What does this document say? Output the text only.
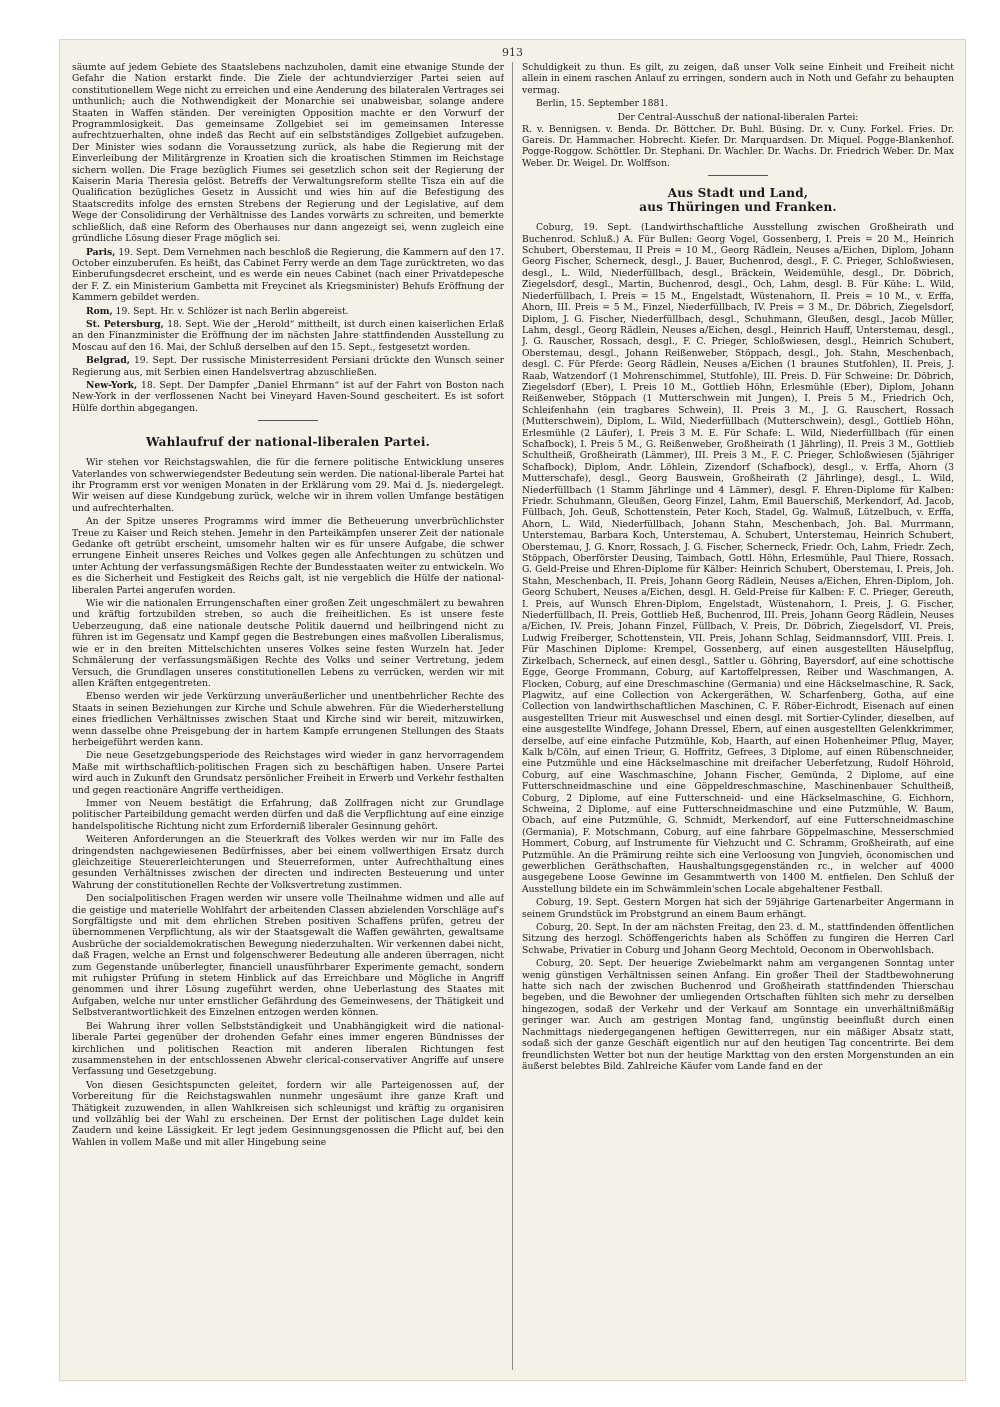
913

säumte auf jedem Gebiete des Staatslebens nachzuholen, damit eine etwanige Stunde der Gefahr die Nation erstarkt finde. Die Ziele der achtundvierziger Partei seien auf constitutionellem Wege nicht zu erreichen und eine Aenderung des bilateralen Vertrages sei unthunlich; auch die Nothwendigkeit der Monarchie sei unabweisbar, solange andere Staaten in Waffen ständen. Der vereinigten Opposition machte er den Vorwurf der Programmlosigkeit. Das gemeinsame Zollgebiet sei im gemeinsamen Interesse aufrechtzuerhalten, ohne indeß das Recht auf ein selbstständiges Zollgebiet aufzugeben. Der Minister wies sodann die Voraussetzung zurück, als habe die Regierung mit der Einverleibung der Militärgrenze in Kroatien sich die kroatischen Stimmen im Reichstage sichern wollen. Die Frage bezüglich Fiumes sei gesetzlich schon seit der Regierung der Kaiserin Maria Theresia gelöst. Betreffs der Verwaltungsreform stellte Tisza ein auf die Qualification bezügliches Gesetz in Aussicht und wies hin auf die Befestigung des Staatscredits infolge des ernsten Strebens der Regierung und der Legislative, auf dem Wege der Consolidirung der Verhältnisse des Landes vorwärts zu schreiten, und bemerkte schließlich, daß eine Reform des Oberhauses nur dann angezeigt sei, wenn zugleich eine gründliche Lösung dieser Frage möglich sei.

Paris, 19. Sept. Dem Vernehmen nach beschloß die Regierung, die Kammern auf den 17. October einzuberufen. Es heißt, das Cabinet Ferry werde an dem Tage zurücktreten, wo das Einberufungsdecret erscheint, und es werde ein neues Cabinet (nach einer Privatdepesche der F. Z. ein Ministerium Gambetta mit Freycinet als Kriegsminister) Behufs Eröffnung der Kammern gebildet werden.

Rom, 19. Sept. Hr. v. Schlözer ist nach Berlin abgereist.

St. Petersburg, 18. Sept. Wie der „Herold“ mittheilt, ist durch einen kaiserlichen Erlaß an den Finanzminister die Eröffnung der im nächsten Jahre stattfindenden Ausstellung zu Moscau auf den 16. Mai, der Schluß derselben auf den 15. Sept., festgesetzt worden.

Belgrad, 19. Sept. Der russische Ministerresident Persiani drückte den Wunsch seiner Regierung aus, mit Serbien einen Handelsvertrag abzuschließen.

New-York, 18. Sept. Der Dampfer „Daniel Ehrmann“ ist auf der Fahrt von Boston nach New-York in der verflossenen Nacht bei Vineyard Haven-Sound gescheitert. Es ist sofort Hülfe dorthin abgegangen.

Wahlaufruf der national-liberalen Partei.

Wir stehen vor Reichstagswahlen, die für die fernere politische Entwicklung unseres Vaterlandes von schwerwiegendster Bedeutung sein werden. Die national-liberale Partei hat ihr Programm erst vor wenigen Monaten in der Erklärung vom 29. Mai d. Js. niedergelegt. Wir weisen auf diese Kundgebung zurück, welche wir in ihrem vollen Umfange bestätigen und aufrechterhalten.

An der Spitze unseres Programms wird immer die Betheuerung unverbrüchlichster Treue zu Kaiser und Reich stehen. Jemehr in den Parteikämpfen unserer Zeit der nationale Gedanke oft getrübt erscheint, umsomehr halten wir es für unsere Aufgabe, die schwer errungene Einheit unseres Reiches und Volkes gegen alle Anfechtungen zu schützen und unter Achtung der verfassungsmäßigen Rechte der Bundesstaaten weiter zu entwickeln. Wo es die Sicherheit und Festigkeit des Reichs galt, ist nie vergeblich die Hülfe der national-liberalen Partei angerufen worden.

Wie wir die nationalen Errungenschaften einer großen Zeit ungeschmälert zu bewahren und kräftig fortzubilden streben, so auch die freiheitlichen. Es ist unsere feste Ueberzeugung, daß eine nationale deutsche Politik dauernd und heilbringend nicht zu führen ist im Gegensatz und Kampf gegen die Bestrebungen eines maßvollen Liberalismus, wie er in den breiten Mittelschichten unseres Volkes seine festen Wurzeln hat. Jeder Schmälerung der verfassungsmäßigen Rechte des Volks und seiner Vertretung, jedem Versuch, die Grundlagen unseres constitutionellen Lebens zu verrücken, werden wir mit allen Kräften entgegentreten.

Ebenso werden wir jede Verkürzung unveräußerlicher und unentbehrlicher Rechte des Staats in seinen Beziehungen zur Kirche und Schule abwehren. Für die Wiederherstellung eines friedlichen Verhältnisses zwischen Staat und Kirche sind wir bereit, mitzuwirken, wenn dasselbe ohne Preisgebung der in hartem Kampfe errungenen Stellungen des Staats herbeigeführt werden kann.

Die neue Gesetzgebungsperiode des Reichstages wird wieder in ganz hervorragendem Maße mit wirthschaftlich-politischen Fragen sich zu beschäftigen haben. Unsere Partei wird auch in Zukunft den Grundsatz persönlicher Freiheit in Erwerb und Verkehr festhalten und gegen reactionäre Angriffe vertheidigen.

Immer von Neuem bestätigt die Erfahrung, daß Zollfragen nicht zur Grundlage politischer Parteibildung gemacht werden dürfen und daß die Verpflichtung auf eine einzige handelspolitische Richtung nicht zum Erforderniß liberaler Gesinnung gehört.

Weiteren Anforderungen an die Steuerkraft des Volkes werden wir nur im Falle des dringendsten nachgewiesenen Bedürfnisses, aber bei einem vollwerthigen Ersatz durch gleichzeitige Steuererleichterungen und Steuerreformen, unter Aufrechthaltung eines gesunden Verhältnisses zwischen der directen und indirecten Besteuerung und unter Wahrung der constitutionellen Rechte der Volksvertretung zustimmen.

Den socialpolitischen Fragen werden wir unsere volle Theilnahme widmen und alle auf die geistige und materielle Wohlfahrt der arbeitenden Classen abzielenden Vorschläge auf's Sorgfältigste und mit dem ehrlichen Streben positiven Schaffens prüfen, getreu der übernommenen Verpflichtung, als wir der Staatsgewalt die Waffen gewährten, gewaltsame Ausbrüche der socialdemokratischen Bewegung niederzuhalten. Wir verkennen dabei nicht, daß Fragen, welche an Ernst und folgenschwerer Bedeutung alle anderen überragen, nicht zum Gegenstande unüberlegter, financiell unausführbarer Experimente gemacht, sondern mit ruhigster Prüfung in stetem Hinblick auf das Erreichbare und Mögliche in Angriff genommen und ihrer Lösung zugeführt werden, ohne Ueberlastung des Staates mit Aufgaben, welche nur unter ernstlicher Gefährdung des Gemeinwesens, der Thätigkeit und Selbstverantwortlichkeit des Einzelnen entzogen werden können.

Bei Wahrung ihrer vollen Selbstständigkeit und Unabhängigkeit wird die national-liberale Partei gegenüber der drohenden Gefahr eines immer engeren Bündnisses der kirchlichen und politischen Reaction mit anderen liberalen Richtungen fest zusammenstehen in der entschlossenen Abwehr clerical-conservativer Angriffe auf unsere Verfassung und Gesetzgebung.

Von diesen Gesichtspuncten geleitet, fordern wir alle Parteigenossen auf, der Vorbereitung für die Reichstagswahlen nunmehr ungesäumt ihre ganze Kraft und Thätigkeit zuzuwenden, in allen Wahlkreisen sich schleunigst und kräftig zu organisiren und vollzählig bei der Wahl zu erscheinen. Der Ernst der politischen Lage duldet kein Zaudern und keine Lässigkeit. Er legt jedem Gesinnungsgenossen die Pflicht auf, bei den Wahlen in vollem Maße und mit aller Hingebung seine

Schuldigkeit zu thun. Es gilt, zu zeigen, daß unser Volk seine Einheit und Freiheit nicht allein in einem raschen Anlauf zu erringen, sondern auch in Noth und Gefahr zu behaupten vermag.

Berlin, 15. September 1881.

Der Central-Ausschuß der national-liberalen Partei:
R. v. Bennigsen. v. Benda. Dr. Böttcher. Dr. Buhl. Büsing. Dr. v. Cuny. Forkel. Fries. Dr. Gareis. Dr. Hammacher. Hobrecht. Kiefer. Dr. Marquardsen. Dr. Miquel. Pogge-Blankenhof. Pogge-Roggow. Schöttler. Dr. Stephani. Dr. Wachler. Dr. Wachs. Dr. Friedrich Weber. Dr. Max Weber. Dr. Weigel. Dr. Wolffson.
Aus Stadt und Land,
aus Thüringen und Franken.

Coburg, 19. Sept. (Landwirthschaftliche Ausstellung zwischen Großheirath und Buchenrod. Schluß.) A. Für Bullen: Georg Vogel, Gossenberg, I. Preis = 20 M., Heinrich Schubert, Oberstemau, II Preis = 10 M., Georg Rädlein, Neuses a/Eichen, Diplom, Johann Georg Fischer, Scherneck, desgl., J. Bauer, Buchenrod, desgl., F. C. Prieger, Schloßwiesen, desgl., L. Wild, Niederfüllbach, desgl., Bräckein, Weidemühle, desgl., Dr. Döbrich, Ziegelsdorf, desgl., Martin, Buchenrod, desgl., Och, Lahm, desgl. B. Für Kühe: L. Wild, Niederfüllbach, I. Preis = 15 M., Engelstadt, Wüstenahorn, II. Preis = 10 M., v. Erffa, Ahorn, III. Preis = 5 M., Finzel, Niederfüllbach, IV. Preis = 3 M., Dr. Döbrich, Ziegelsdorf, Diplom, J. G. Fischer, Niederfüllbach, desgl., Schuhmann, Gleußen, desgl., Jacob Müller, Lahm, desgl., Georg Rädlein, Neuses a/Eichen, desgl., Heinrich Hauff, Unterstemau, desgl., J. G. Rauscher, Rossach, desgl., F. C. Prieger, Schloßwiesen, desgl., Heinrich Schubert, Oberstemau, desgl., Johann Reißenweber, Stöppach, desgl., Joh. Stahn, Meschenbach, desgl. C. Für Pferde: Georg Rädlein, Neuses a/Eichen (1 braunes Stutfohlen), II. Preis, J. Raab, Watzendorf (1 Mohrenschimmel, Stutfohle), III. Preis. D. Für Schweine: Dr. Döbrich, Ziegelsdorf (Eber), I. Preis 10 M., Gottlieb Höhn, Erlesmühle (Eber), Diplom, Johann Reißenweber, Stöppach (1 Mutterschwein mit Jungen), I. Preis 5 M., Friedrich Och, Schleifenhahn (ein tragbares Schwein), II. Preis 3 M., J. G. Rauschert, Rossach (Mutterschwein), Diplom, L. Wild, Niederfüllbach (Mutterschwein), desgl., Gottlieb Höhn, Erlesmühle (2 Läufer), I. Preis 3 M. E. Für Schafe: L. Wild, Niederfüllbach (für einen Schafbock), I. Preis 5 M., G. Reißenweber, Großheirath (1 Jährling), II. Preis 3 M., Gottlieb Schultheiß, Großheirath (Lämmer), III. Preis 3 M., F. C. Prieger, Schloßwiesen (5jähriger Schafbock), Diplom, Andr. Löhlein, Zizendorf (Schafbock), desgl., v. Erffa, Ahorn (3 Mutterschafe), desgl., Georg Bauswein, Großheirath (2 Jährlinge), desgl., L. Wild, Niederfüllbach (1 Stamm Jährlinge und 4 Lämmer), desgl. F. Ehren-Diplome für Kalben: Friedr. Schuhmann, Gleußen, Georg Finzel, Lahm, Emil Bauerschiß, Merkendorf, Ad. Jacob, Füllbach, Joh. Geuß, Schottenstein, Peter Koch, Stadel, Gg. Walmuß, Lützelbuch, v. Erffa, Ahorn, L. Wild, Niederfüllbach, Johann Stahn, Meschenbach, Joh. Bal. Murrmann, Unterstemau, Barbara Koch, Unterstemau, A. Schubert, Unterstemau, Heinrich Schubert, Oberstemau, J. G. Knorr, Rossach, J. G. Fischer, Scherneck, Friedr. Och, Lahm, Friedr. Zech, Stöppach, Oberförster Deusing, Taimbach, Gottl. Höhn, Erlesmühle, Paul Thiere, Rossach. G. Geld-Preise und Ehren-Diplome für Kälber: Heinrich Schubert, Oberstemau, I. Preis, Joh. Stahn, Meschenbach, II. Preis, Johann Georg Rädlein, Neuses a/Eichen, Ehren-Diplom, Joh. Georg Schubert, Neuses a/Eichen, desgl. H. Geld-Preise für Kalben: F. C. Prieger, Gereuth, I. Preis, auf Wunsch Ehren-Diplom, Engelstadt, Wüstenahorn, I. Preis, J. G. Fischer, Niederfüllbach, II. Preis, Gottlieb Heß, Buchenrod, III. Preis, Johann Georg Rädlein, Neuses a/Eichen, IV. Preis, Johann Finzel, Füllbach, V. Preis, Dr. Döbrich, Ziegelsdorf, VI. Preis, Ludwig Freiberger, Schottenstein, VII. Preis, Johann Schlag, Seidmannsdorf, VIII. Preis. I. Für Maschinen Diplome: Krempel, Gossenberg, auf einen ausgestellten Häuselpflug, Zirkelbach, Scherneck, auf einen desgl., Sattler u. Göhring, Bayersdorf, auf eine schottische Egge, George Frommann, Coburg, auf Kartoffelpressen, Reiber und Waschmangen, A. Flocken, Coburg, auf eine Dreschmaschine (Germania) und eine Häckselmaschine, R. Sack, Plagwitz, auf eine Collection von Ackergeräthen, W. Scharfenberg, Gotha, auf eine Collection von landwirthschaftlichen Maschinen, C. F. Röber-Eichrodt, Eisenach auf einen ausgestellten Trieur mit Ausweschsel und einen desgl. mit Sortier-Cylinder, dieselben, auf eine ausgestellte Windfege, Johann Dressel, Ebern, auf einen ausgestellten Gelenkkrimmer, derselbe, auf eine einfache Putzmühle, Kob, Haarth, auf einen Hohenheimer Pflug, Mayer, Kalk b/Cöln, auf einen Trieur, G. Hoffritz, Gefrees, 3 Diplome, auf einen Rübenschneider, eine Putzmühle und eine Häckselmaschine mit dreifacher Ueberfetzung, Rudolf Höhrold, Coburg, auf eine Waschmaschine, Johann Fischer, Gemünda, 2 Diplome, auf eine Futterschneidmaschine und eine Göppeldreschmaschine, Maschinenbauer Schultheiß, Coburg, 2 Diplome, auf eine Futterschneid- und eine Häckselmaschine, G. Eichhorn, Schweina, 2 Diplome, auf eine Futterschneidmaschine und eine Putzmühle, W. Baum, Obach, auf eine Putzmühle, G. Schmidt, Merkendorf, auf eine Futterschneidmaschine (Germania), F. Motschmann, Coburg, auf eine fahrbare Göppelmaschine, Messerschmied Hommert, Coburg, auf Instrumente für Viehzucht und C. Schramm, Großheirath, auf eine Putzmühle. An die Prämirung reihte sich eine Verloosung von Jungvieh, öconomischen und gewerblichen Geräthschaften, Haushaltungsgegenständen rc., in welcher auf 4000 ausgegebene Loose Gewinne im Gesammtwerth von 1400 M. entfielen. Den Schluß der Ausstellung bildete ein im Schwämmlein'schen Locale abgehaltener Festball.

Coburg, 19. Sept. Gestern Morgen hat sich der 59jährige Gartenarbeiter Angermann in seinem Grundstück im Probstgrund an einem Baum erhängt.

Coburg, 20. Sept. In der am nächsten Freitag, den 23. d. M., stattfindenden öffentlichen Sitzung des herzogl. Schöffengerichts haben als Schöffen zu fungiren die Herren Carl Schwabe, Privatier in Coburg und Johann Georg Mechtold, Oeconom in Oberwohlsbach.

Coburg, 20. Sept. Der heuerige Zwiebelmarkt nahm am vergangenen Sonntag unter wenig günstigen Verhältnissen seinen Anfang. Ein großer Theil der Stadtbewohnerung hatte sich nach der zwischen Buchenrod und Großheirath stattfindenden Thierschau begeben, und die Bewohner der umliegenden Ortschaften fühlten sich mehr zu derselben hingezogen, sodaß der Verkehr und der Verkauf am Sonntage ein unverhältnißmäßig geringer war. Auch am gestrigen Montag fand, ungünstig beeinflußt durch einen Nachmittags niedergegangenen heftigen Gewitterregen, nur ein mäßiger Absatz statt, sodaß sich der ganze Geschäft eigentlich nur auf den heutigen Tag concentrirte. Bei dem freundlichsten Wetter bot nun der heutige Markttag von den ersten Morgenstunden an ein äußerst belebtes Bild. Zahlreiche Käufer vom Lande fand en der
